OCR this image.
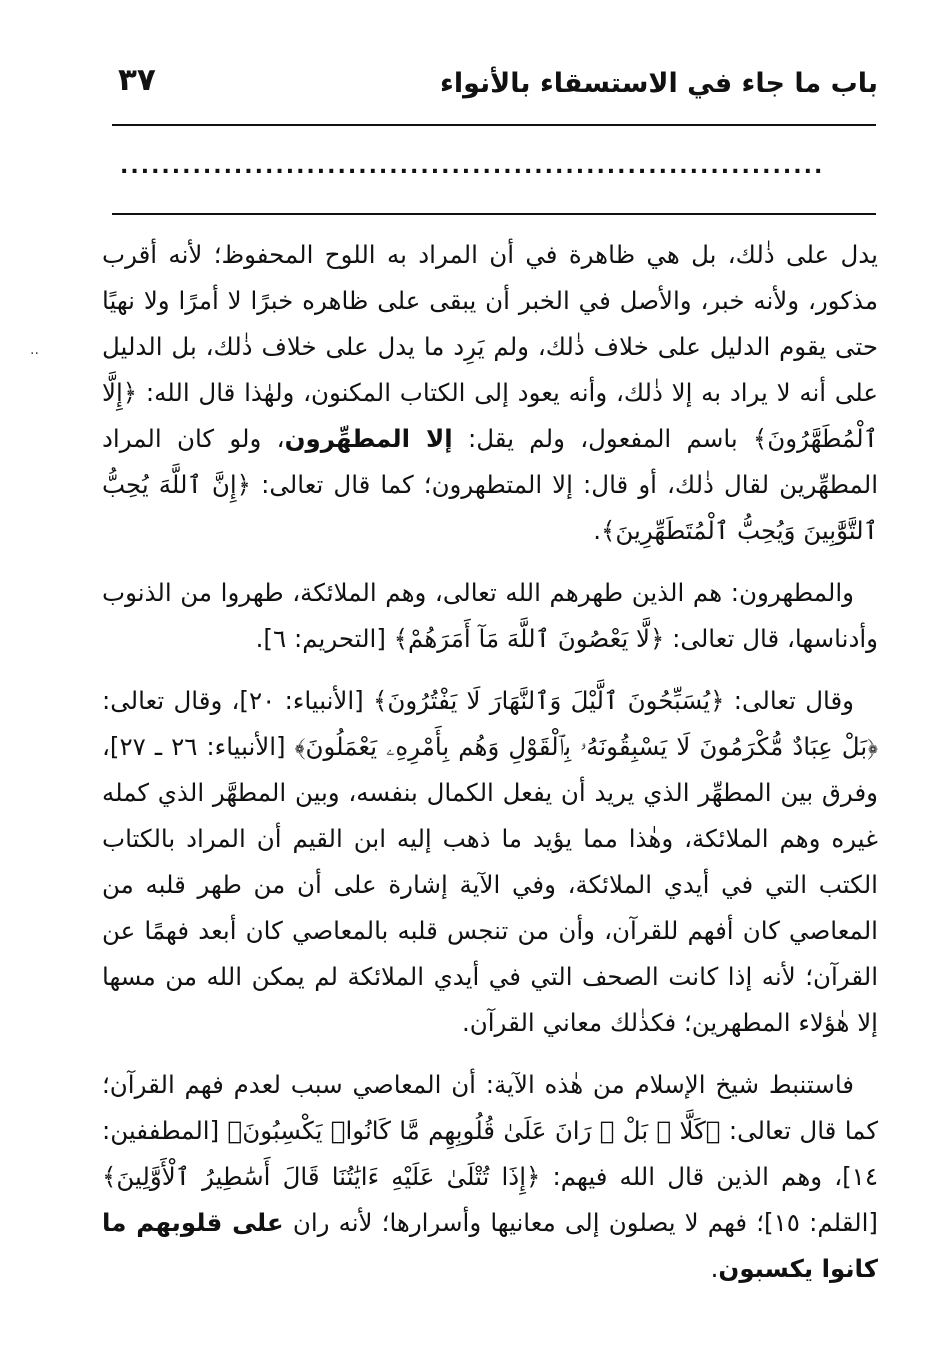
باب ما جاء في الاستسقاء بالأنواء
٣٧
....................................................................
..

يدل على ذٰلك، بل هي ظاهرة في أن المراد به اللوح المحفوظ؛ لأنه أقرب مذكور، ولأنه خبر، والأصل في الخبر أن يبقى على ظاهره خبرًا لا أمرًا ولا نهيًا حتى يقوم الدليل على خلاف ذٰلك، ولم يَرِد ما يدل على خلاف ذٰلك، بل الدليل على أنه لا يراد به إلا ذٰلك، وأنه يعود إلى الكتاب المكنون، ولهٰذا قال الله: ﴿إِلَّا ٱلْمُطَهَّرُونَ﴾ باسم المفعول، ولم يقل: إلا المطهِّرون، ولو كان المراد المطهِّرين لقال ذٰلك، أو قال: إلا المتطهرون؛ كما قال تعالى: ﴿إِنَّ ٱللَّهَ يُحِبُّ ٱلتَّوَّٰبِينَ وَيُحِبُّ ٱلْمُتَطَهِّرِينَ﴾.

والمطهرون: هم الذين طهرهم الله تعالى، وهم الملائكة، طهروا من الذنوب وأدناسها، قال تعالى: ﴿لَّا يَعْصُونَ ٱللَّهَ مَآ أَمَرَهُمْ﴾ [التحريم: ٦].

وقال تعالى: ﴿يُسَبِّحُونَ ٱلَّيْلَ وَٱلنَّهَارَ لَا يَفْتُرُونَ﴾ [الأنبياء: ٢٠]، وقال تعالى: ﴿بَلْ عِبَادٌ مُّكْرَمُونَ لَا يَسْبِقُونَهُۥ بِٱلْقَوْلِ وَهُم بِأَمْرِهِۦ يَعْمَلُونَ﴾ [الأنبياء: ٢٦ ـ ٢٧]، وفرق بين المطهِّر الذي يريد أن يفعل الكمال بنفسه، وبين المطهَّر الذي كمله غيره وهم الملائكة، وهٰذا مما يؤيد ما ذهب إليه ابن القيم أن المراد بالكتاب الكتب التي في أيدي الملائكة، وفي الآية إشارة على أن من طهر قلبه من المعاصي كان أفهم للقرآن، وأن من تنجس قلبه بالمعاصي كان أبعد فهمًا عن القرآن؛ لأنه إذا كانت الصحف التي في أيدي الملائكة لم يمكن الله من مسها إلا هٰؤلاء المطهرين؛ فكذٰلك معاني القرآن.

فاستنبط شيخ الإسلام من هٰذه الآية: أن المعاصي سبب لعدم فهم القرآن؛ كما قال تعالى: ﴿كَلَّا ۖ بَلْ ۜ رَانَ عَلَىٰ قُلُوبِهِم مَّا كَانُوا۟ يَكْسِبُونَ﴾ [المطففين: ١٤]، وهم الذين قال الله فيهم: ﴿إِذَا تُتْلَىٰ عَلَيْهِ ءَايَٰتُنَا قَالَ أَسَٰطِيرُ ٱلْأَوَّلِينَ﴾ [القلم: ١٥]؛ فهم لا يصلون إلى معانيها وأسرارها؛ لأنه ران على قلوبهم ما كانوا يكسبون.
